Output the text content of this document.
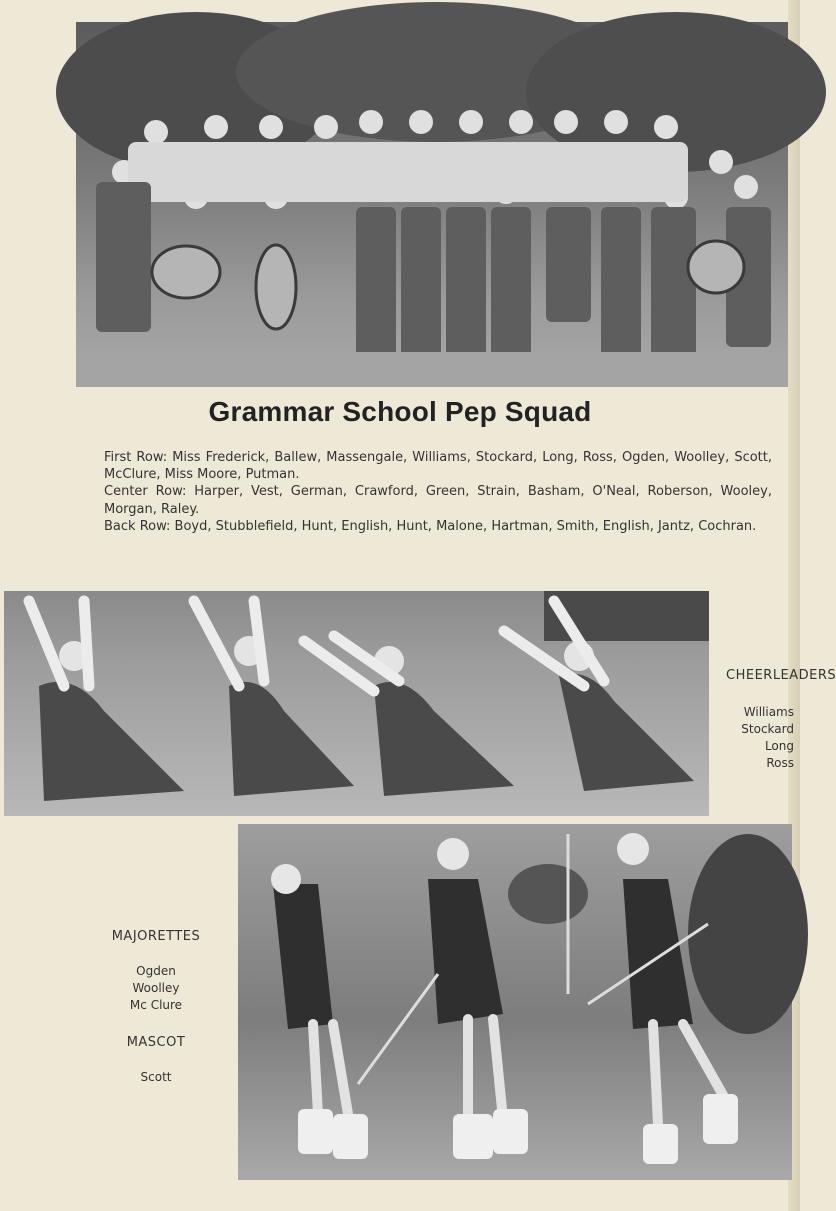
Grammar School Pep Squad

First Row: Miss Frederick, Ballew, Massengale, Williams, Stockard, Long, Ross, Ogden, Woolley, Scott, McClure, Miss Moore, Putman.

Center Row: Harper, Vest, German, Crawford, Green, Strain, Basham, O'Neal, Roberson, Wooley, Morgan, Raley.

Back Row: Boyd, Stubblefield, Hunt, English, Hunt, Malone, Hartman, Smith, English, Jantz, Cochran.

CHEERLEADERS
Williams
Stockard
Long
Ross
MAJORETTES
Ogden
Woolley
Mc Clure
MASCOT
Scott
